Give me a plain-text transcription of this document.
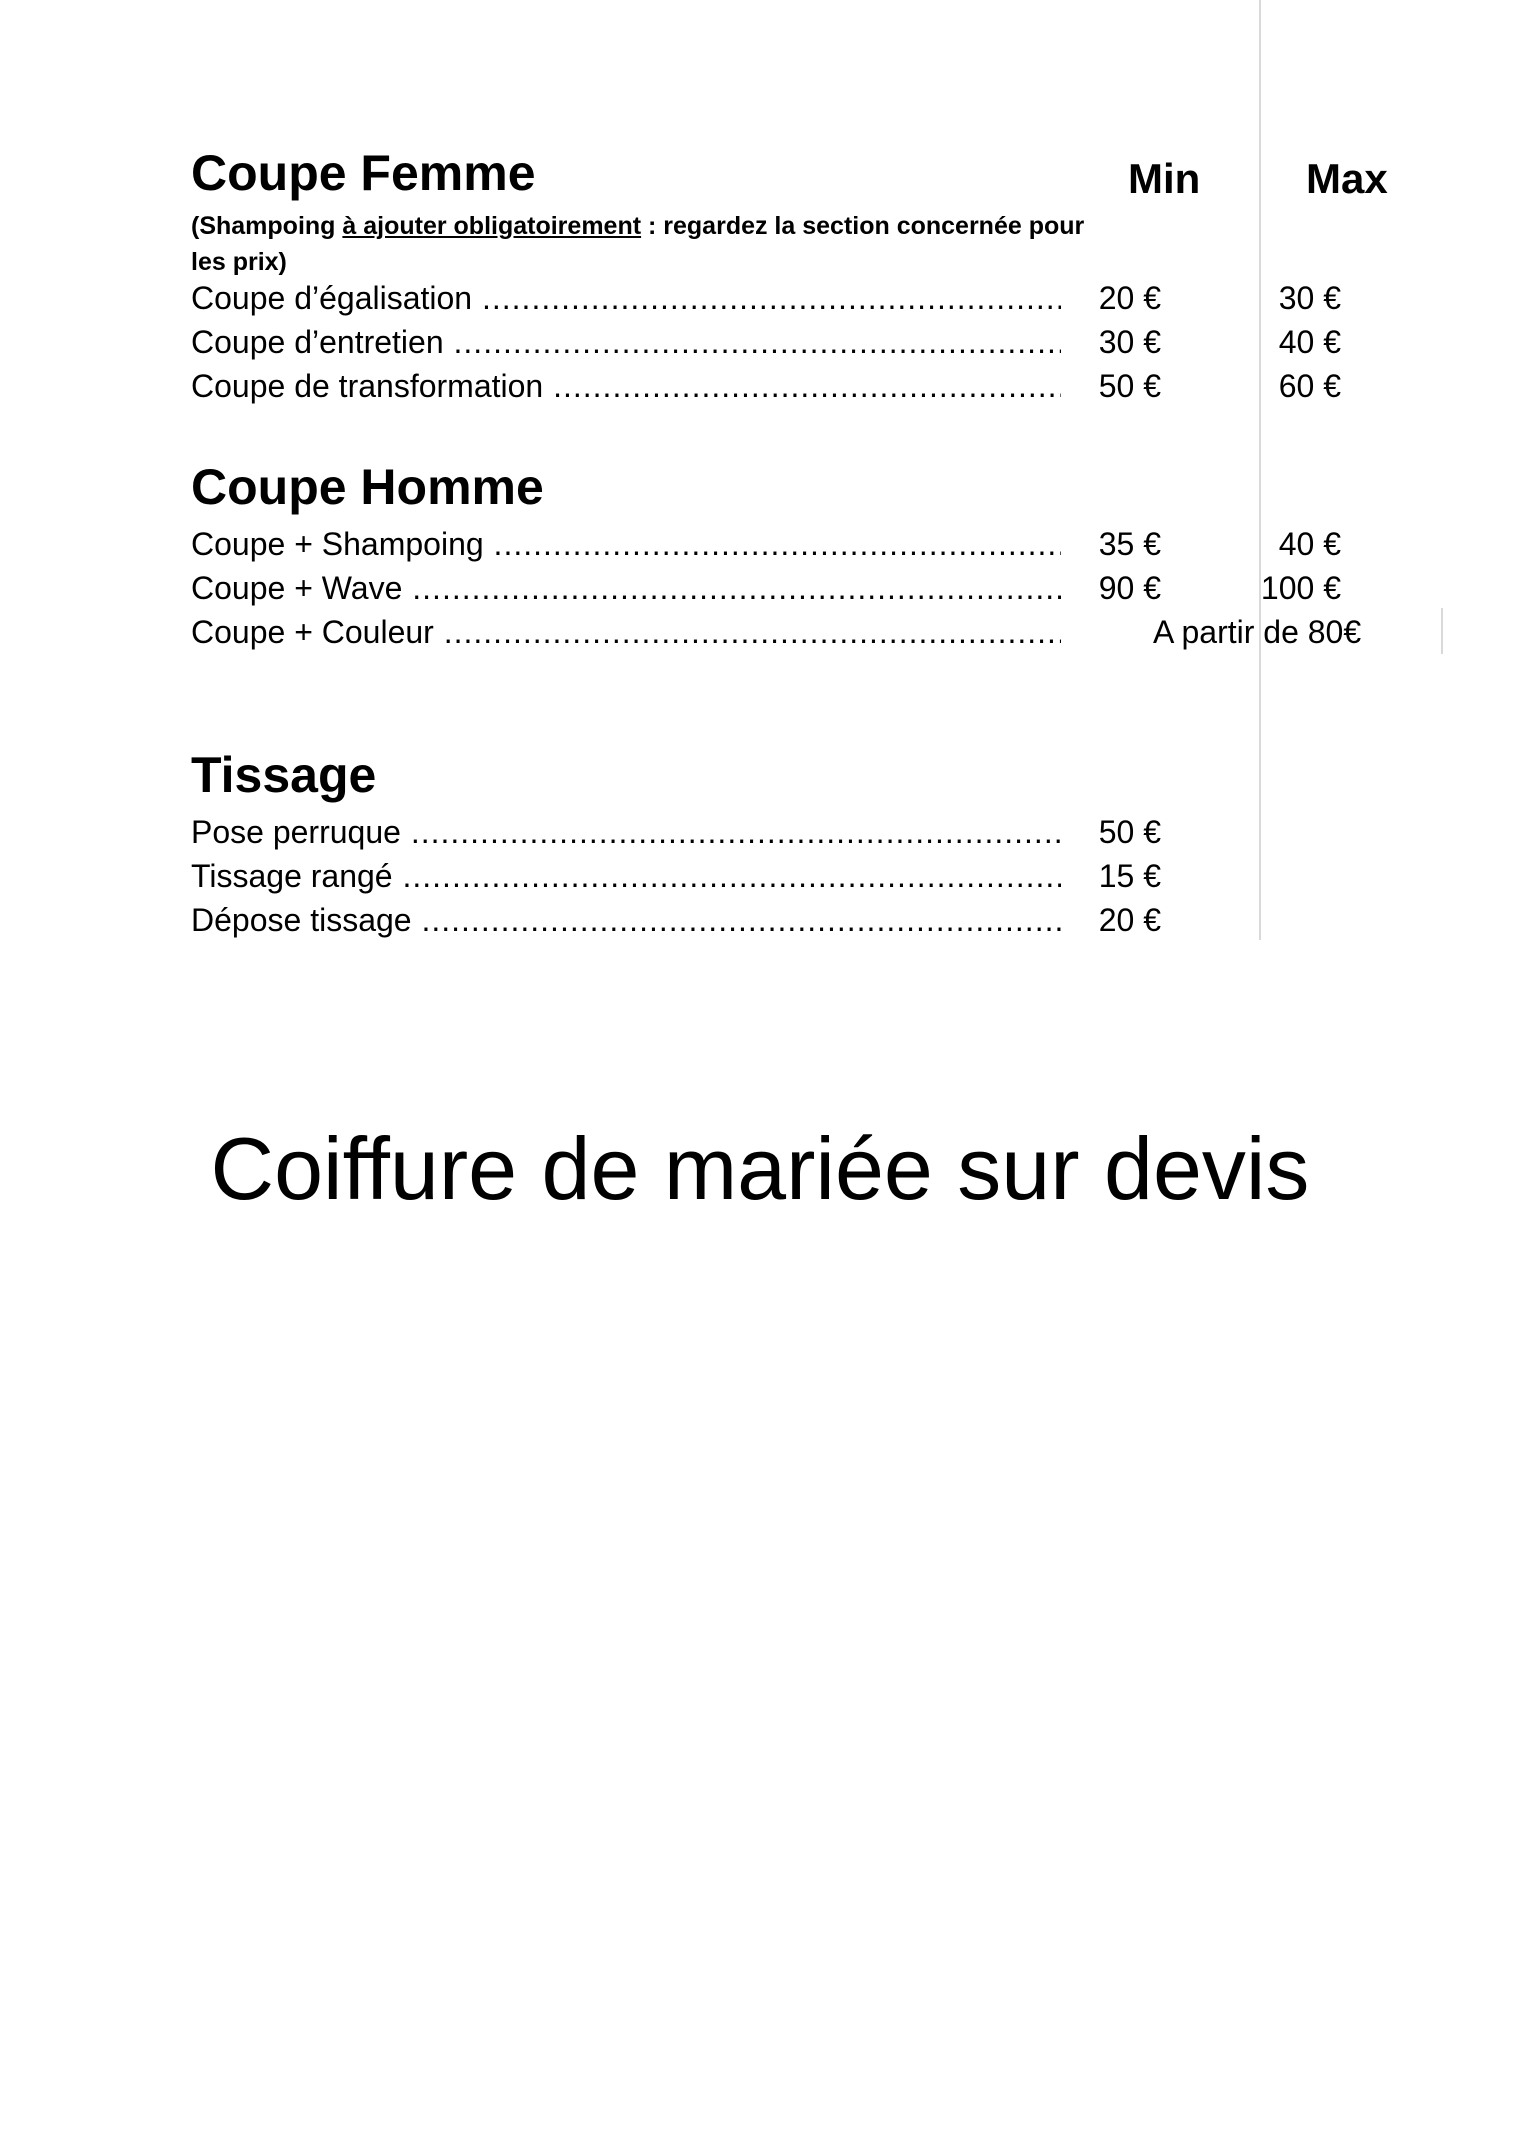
Min	Max
Coupe Femme
(Shampoing à ajouter obligatoirement : regardez la section concernée pour les prix)
Coupe d’égalisation .....	20 €	30 €
Coupe d’entretien .....	30 €	40 €
Coupe de transformation .....	50 €	60 €
Coupe Homme
Coupe + Shampoing .....	35 €	40 €
Coupe + Wave .....	90 €	100 €
Coupe + Couleur .....	A partir de 80€
Tissage
Pose perruque .....	50 €
Tissage rangé .....	15 €
Dépose tissage .....	20 €
Coiffure de mariée sur devis
